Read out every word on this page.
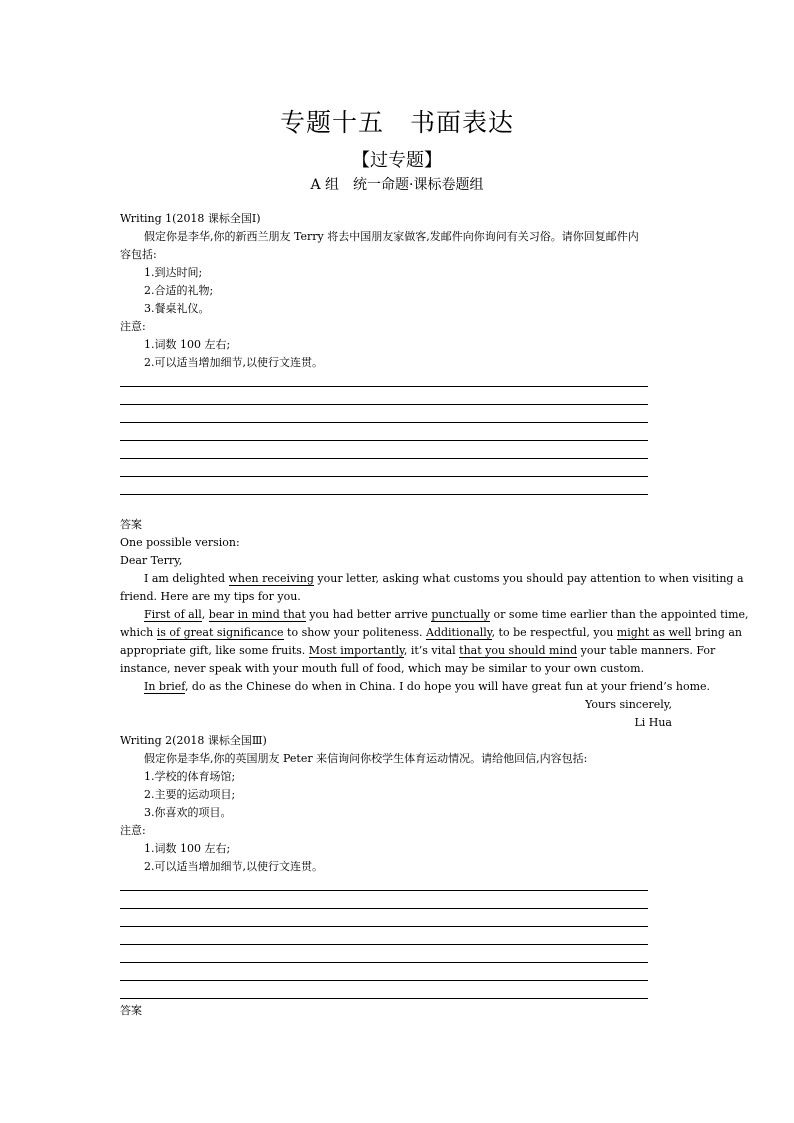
专题十五　书面表达
【过专题】
A 组　统一命题·课标卷题组
Writing 1(2018 课标全国Ⅰ)
假定你是李华,你的新西兰朋友 Terry 将去中国朋友家做客,发邮件向你询问有关习俗。请你回复邮件内
容包括:
1.到达时间;
2.合适的礼物;
3.餐桌礼仪。
注意:
1.词数 100 左右;
2.可以适当增加细节,以使行文连贯。
答案
One possible version:
Dear Terry,
I am delighted when receiving your letter, asking what customs you should pay attention to when visiting a
friend. Here are my tips for you.
First of all, bear in mind that you had better arrive punctually or some time earlier than the appointed time,
which is of great significance to show your politeness. Additionally, to be respectful, you might as well bring an
appropriate gift, like some fruits. Most importantly, it’s vital that you should mind your table manners. For
instance, never speak with your mouth full of food, which may be similar to your own custom.
In brief, do as the Chinese do when in China. I do hope you will have great fun at your friend’s home.
Yours sincerely,
Li Hua
Writing 2(2018 课标全国Ⅲ)
假定你是李华,你的英国朋友 Peter 来信询问你校学生体育运动情况。请给他回信,内容包括:
1.学校的体育场馆;
2.主要的运动项目;
3.你喜欢的项目。
注意:
1.词数 100 左右;
2.可以适当增加细节,以使行文连贯。
答案
